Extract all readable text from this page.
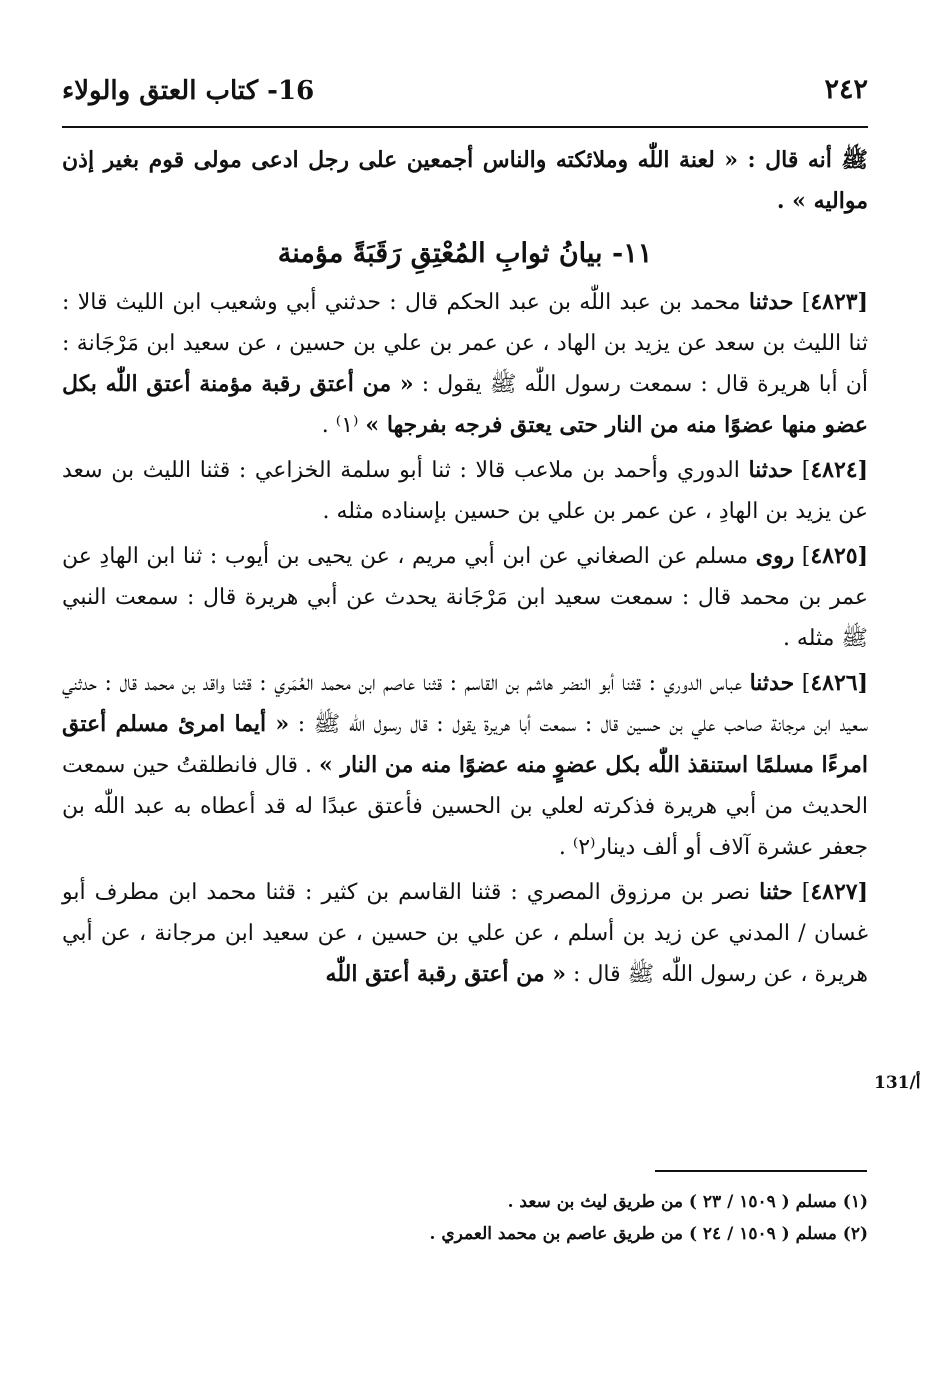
٢٤٢
16- كتاب العتق والولاء

ﷺ أنه قال : « لعنة اللّٰه وملائكته والناس أجمعين على رجل ادعى مولى قوم بغير إذن مواليه » .

١١- بيانُ ثوابِ المُعْتِقِ رَقَبَةً مؤمنة

[٤٨٢٣] حدثنا محمد بن عبد اللّٰه بن عبد الحكم قال : حدثني أبي وشعيب ابن الليث قالا : ثنا الليث بن سعد عن يزيد بن الهاد ، عن عمر بن علي بن حسين ، عن سعيد ابن مَرْجَانة : أن أبا هريرة قال : سمعت رسول اللّٰه ﷺ يقول : « من أعتق رقبة مؤمنة أعتق اللّٰه بكل عضو منها عضوًا منه من النار حتى يعتق فرجه بفرجها » ⁽١⁾ .

[٤٨٢٤] حدثنا الدوري وأحمد بن ملاعب قالا : ثنا أبو سلمة الخزاعي : قثنا الليث بن سعد عن يزيد بن الهادِ ، عن عمر بن علي بن حسين بإسناده مثله .

[٤٨٢٥] روى مسلم عن الصغاني عن ابن أبي مريم ، عن يحيى بن أيوب : ثنا ابن الهادِ عن عمر بن محمد قال : سمعت سعيد ابن مَرْجَانة يحدث عن أبي هريرة قال : سمعت النبي ﷺ مثله .

[٤٨٢٦] حدثنا عباس الدوري : قثنا أبو النضر هاشم بن القاسم : قثنا عاصم ابن محمد العُمَري : قثنا واقد بن محمد قال : حدثني سعيد ابن مرجانة صاحب علي بن حسين قال : سمعت أبا هريرة يقول : قال رسول اللّٰه ﷺ : « أيما امرئ مسلم أعتق امرءًا مسلمًا استنقذ اللّٰه بكل عضوٍ منه عضوًا منه من النار » . قال فانطلقتُ حين سمعت الحديث من أبي هريرة فذكرته لعلي بن الحسين فأعتق عبدًا له قد أعطاه به عبد اللّٰه بن جعفر عشرة آلاف أو ألف دينار⁽٢⁾ .

[٤٨٢٧] حثنا نصر بن مرزوق المصري : قثنا القاسم بن كثير : قثنا محمد ابن مطرف أبو غسان / المدني عن زيد بن أسلم ، عن علي بن حسين ، عن سعيد ابن مرجانة ، عن أبي هريرة ، عن رسول اللّٰه ﷺ قال : « من أعتق رقبة أعتق اللّٰه

131/أ

(١) مسلم ( ١٥٠٩ / ٢٣ ) من طريق ليث بن سعد .

(٢) مسلم ( ١٥٠٩ / ٢٤ ) من طريق عاصم بن محمد العمري .
